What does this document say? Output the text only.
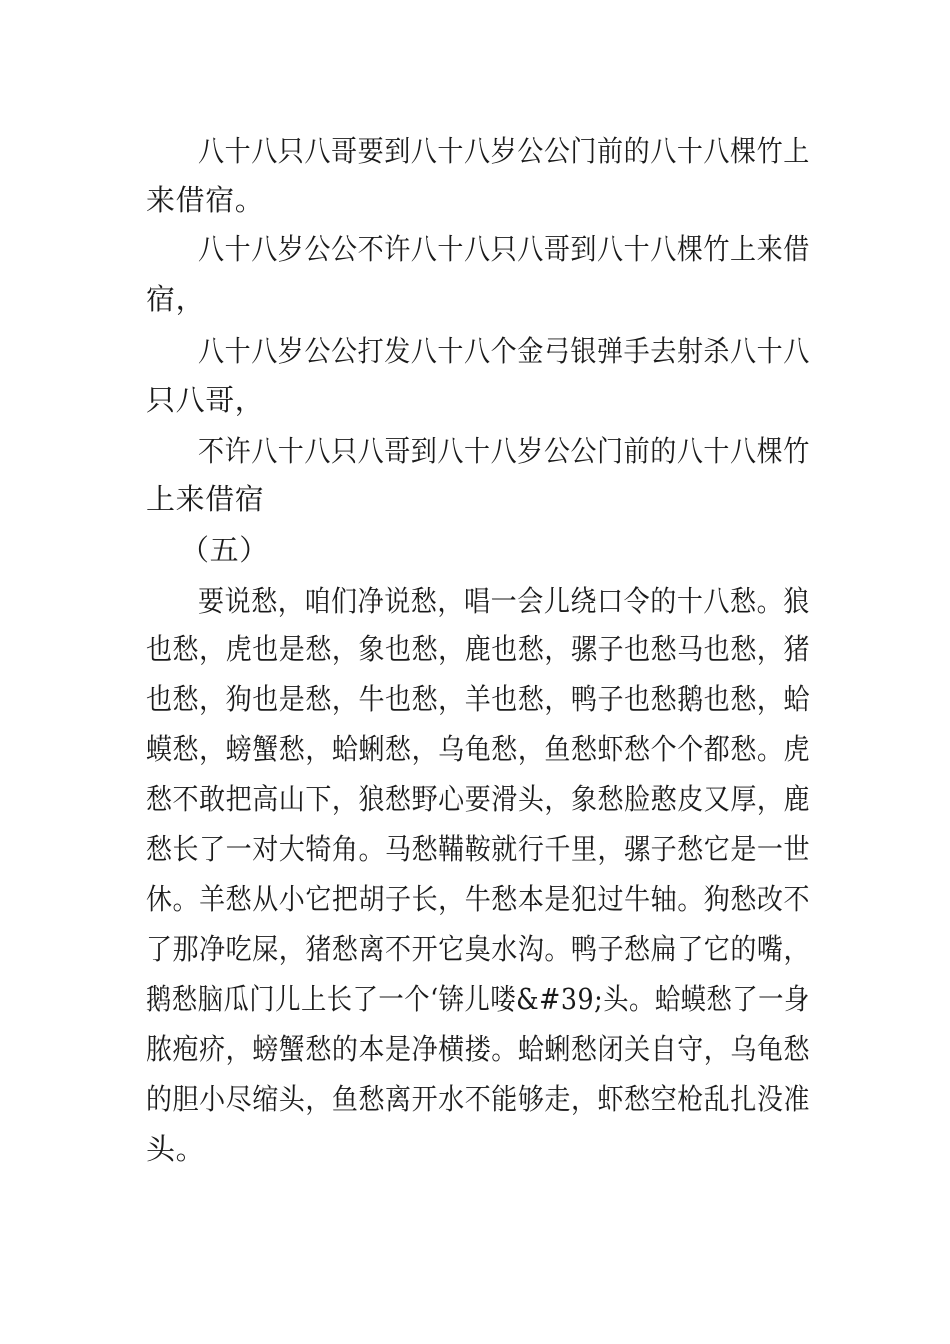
八十八只八哥要到八十八岁公公门前的八十八棵竹上
来借宿。
八十八岁公公不许八十八只八哥到八十八棵竹上来借
宿，
八十八岁公公打发八十八个金弓银弹手去射杀八十八
只八哥，
不许八十八只八哥到八十八岁公公门前的八十八棵竹
上来借宿
（五）
要说愁，咱们净说愁，唱一会儿绕口令的十八愁。狼
也愁，虎也是愁，象也愁，鹿也愁，骡子也愁马也愁，猪
也愁，狗也是愁，牛也愁，羊也愁，鸭子也愁鹅也愁，蛤
蟆愁，螃蟹愁，蛤蜊愁，乌龟愁，鱼愁虾愁个个都愁。虎
愁不敢把高山下，狼愁野心要滑头，象愁脸憨皮又厚，鹿
愁长了一对大犄角。马愁鞴鞍就行千里，骡子愁它是一世
休。羊愁从小它把胡子长，牛愁本是犯过牛轴。狗愁改不
了那净吃屎，猪愁离不开它臭水沟。鸭子愁扁了它的嘴，
鹅愁脑瓜门儿上长了一个‘锛儿喽&#39;头。蛤蟆愁了一身
脓疱疥，螃蟹愁的本是净横搂。蛤蜊愁闭关自守，乌龟愁
的胆小尽缩头，鱼愁离开水不能够走，虾愁空枪乱扎没准
头。
